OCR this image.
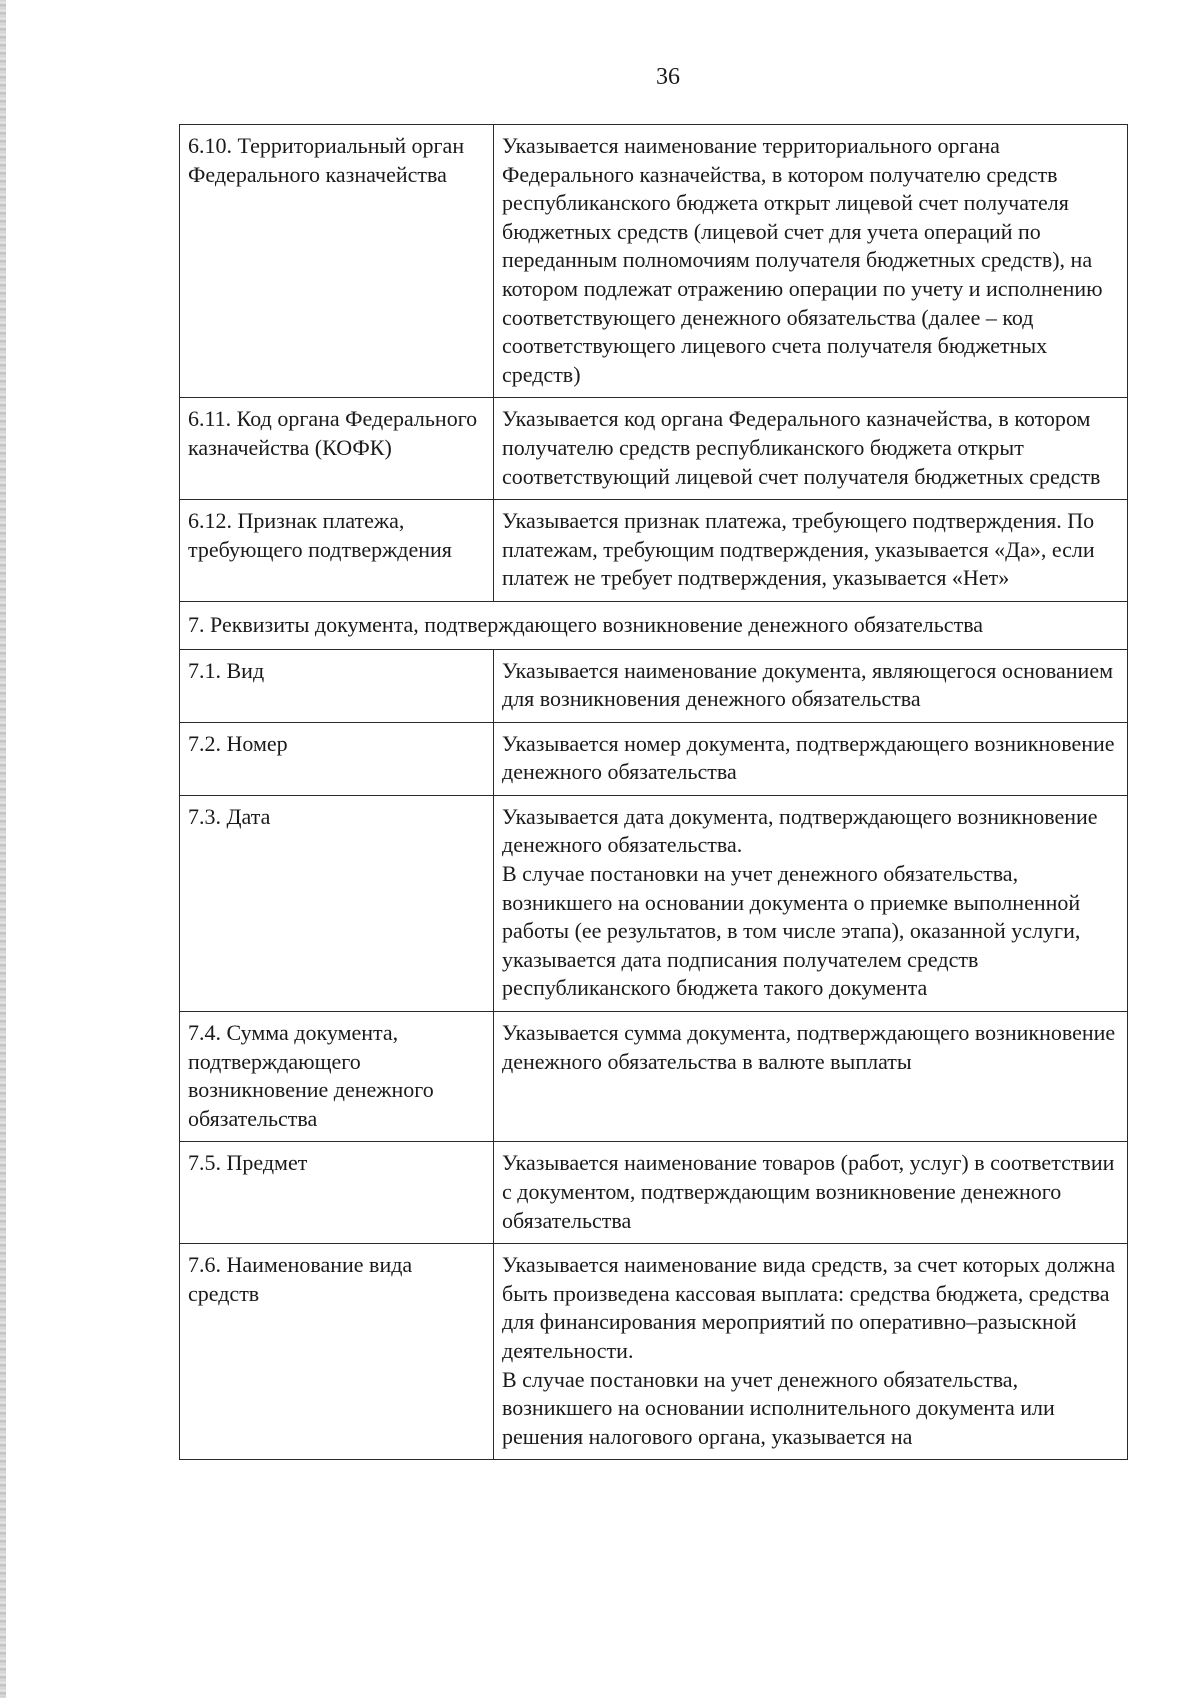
36
6.10. Территориальный орган Федерального казначейства	Указывается наименование территориального органа Федерального казначейства, в котором получателю средств республиканского бюджета открыт лицевой счет получателя бюджетных средств (лицевой счет для учета операций по переданным полномочиям получателя бюджетных средств), на котором подлежат отражению операции по учету и исполнению соответствующего денежного обязательства (далее – код соответствующего лицевого счета получателя бюджетных средств)

6.11. Код органа Федерального казначейства (КОФК)	Указывается код органа Федерального казначейства, в котором получателю средств республиканского бюджета открыт соответствующий лицевой счет получателя бюджетных средств

6.12. Признак платежа, требующего подтверждения	Указывается признак платежа, требующего подтверждения. По платежам, требующим подтверждения, указывается «Да», если платеж не требует подтверждения, указывается «Нет»

7. Реквизиты документа, подтверждающего возникновение денежного обязательства	
7.1. Вид	Указывается наименование документа, являющегося основанием для возникновения денежного обязательства

7.2. Номер	Указывается номер документа, подтверждающего возникновение денежного обязательства

7.3. Дата	Указывается дата документа, подтверждающего возникновение денежного обязательства.
В случае постановки на учет денежного обязательства, возникшего на основании документа о приемке выполненной работы (ее результатов, в том числе этапа), оказанной услуги, указывается дата подписания получателем средств республиканского бюджета такого документа

7.4. Сумма документа, подтверждающего возникновение денежного обязательства	Указывается сумма документа, подтверждающего возникновение денежного обязательства в валюте выплаты

7.5. Предмет	Указывается наименование товаров (работ, услуг) в соответствии с документом, подтверждающим возникновение денежного обязательства

7.6. Наименование вида средств	Указывается наименование вида средств, за счет которых должна быть произведена кассовая выплата: средства бюджета, средства для финансирования мероприятий по оперативно–разыскной деятельности.
В случае постановки на учет денежного обязательства, возникшего на основании исполнительного документа или решения налогового органа, указывается на
